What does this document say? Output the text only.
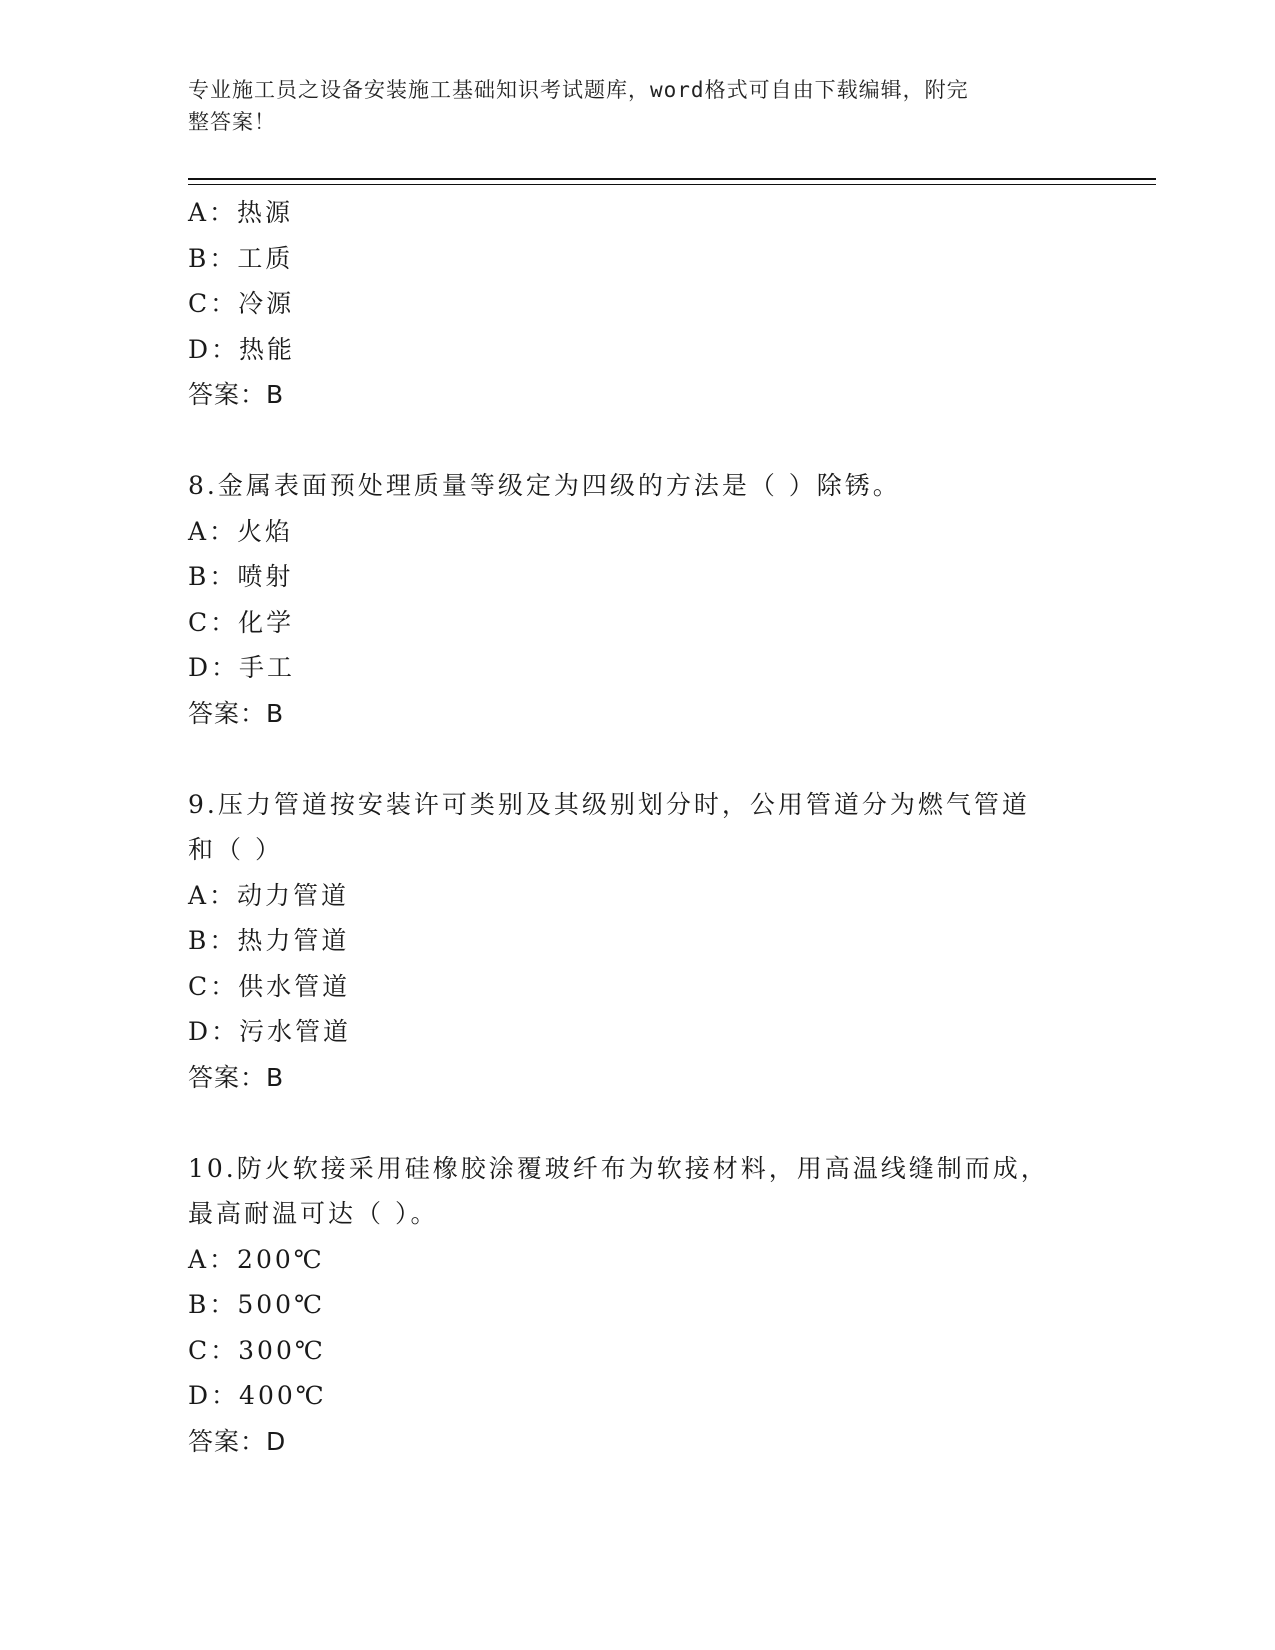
专业施工员之设备安装施工基础知识考试题库，word格式可自由下载编辑，附完
整答案！
A：热源
B：工质
C：冷源
D：热能
答案：B
8.金属表面预处理质量等级定为四级的方法是（ ）除锈。
A：火焰
B：喷射
C：化学
D：手工
答案：B
9.压力管道按安装许可类别及其级别划分时，公用管道分为燃气管道
和（ ）
A：动力管道
B：热力管道
C：供水管道
D：污水管道
答案：B
10.防火软接采用硅橡胶涂覆玻纤布为软接材料，用高温线缝制而成，
最高耐温可达（ ）。
A：200℃
B：500℃
C：300℃
D：400℃
答案：D
